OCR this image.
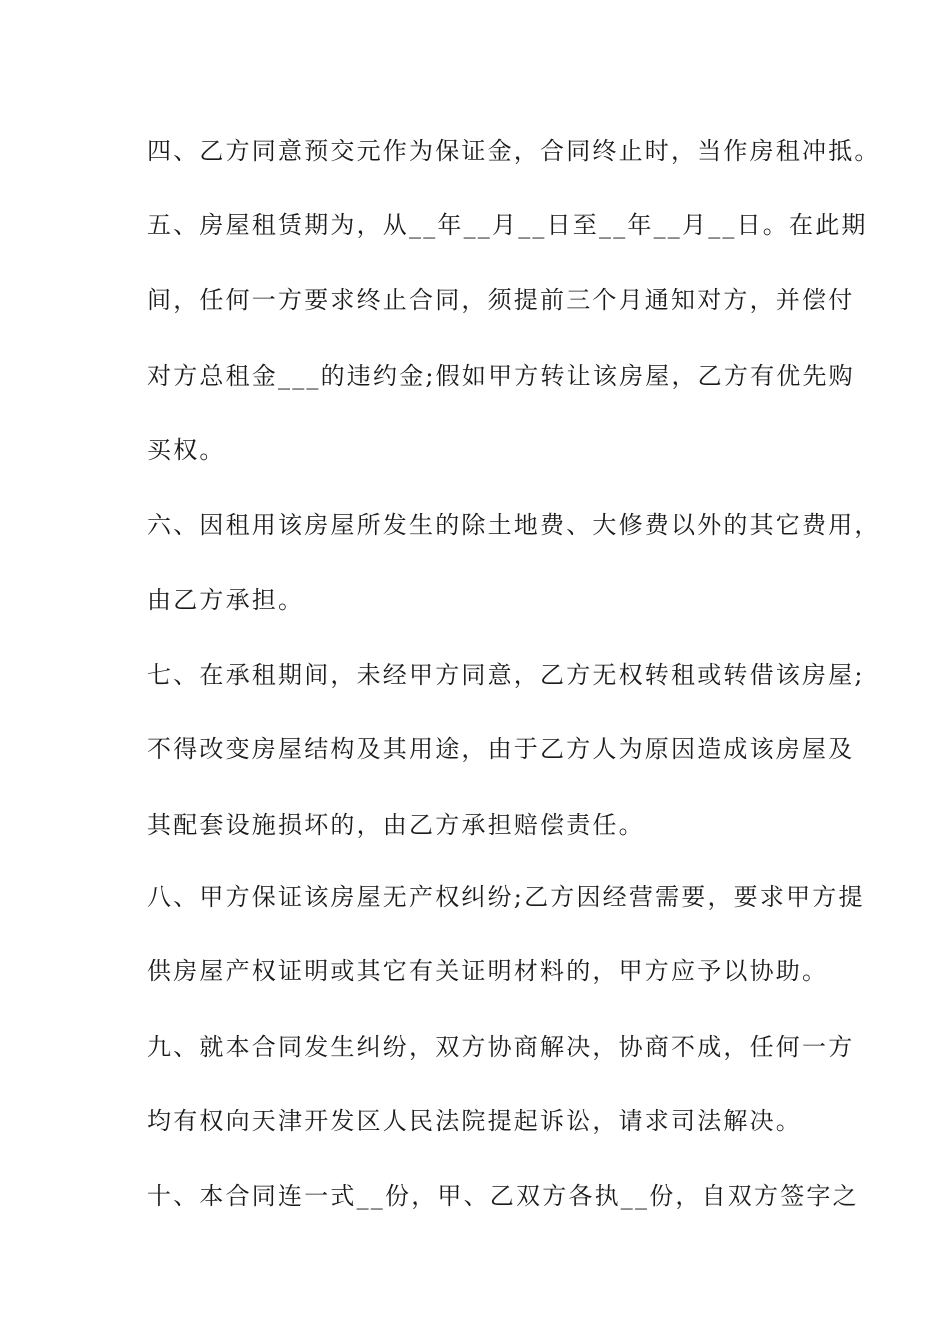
四、乙方同意预交元作为保证金，合同终止时，当作房租冲抵。
五、房屋租赁期为，从__年__月__日至__年__月__日。在此期
间，任何一方要求终止合同，须提前三个月通知对方，并偿付
对方总租金___的违约金;假如甲方转让该房屋，乙方有优先购
买权。
六、因租用该房屋所发生的除土地费、大修费以外的其它费用，
由乙方承担。
七、在承租期间，未经甲方同意，乙方无权转租或转借该房屋;
不得改变房屋结构及其用途，由于乙方人为原因造成该房屋及
其配套设施损坏的，由乙方承担赔偿责任。
八、甲方保证该房屋无产权纠纷;乙方因经营需要，要求甲方提
供房屋产权证明或其它有关证明材料的，甲方应予以协助。
九、就本合同发生纠纷，双方协商解决，协商不成，任何一方
均有权向天津开发区人民法院提起诉讼，请求司法解决。
十、本合同连一式__份，甲、乙双方各执__份，自双方签字之
